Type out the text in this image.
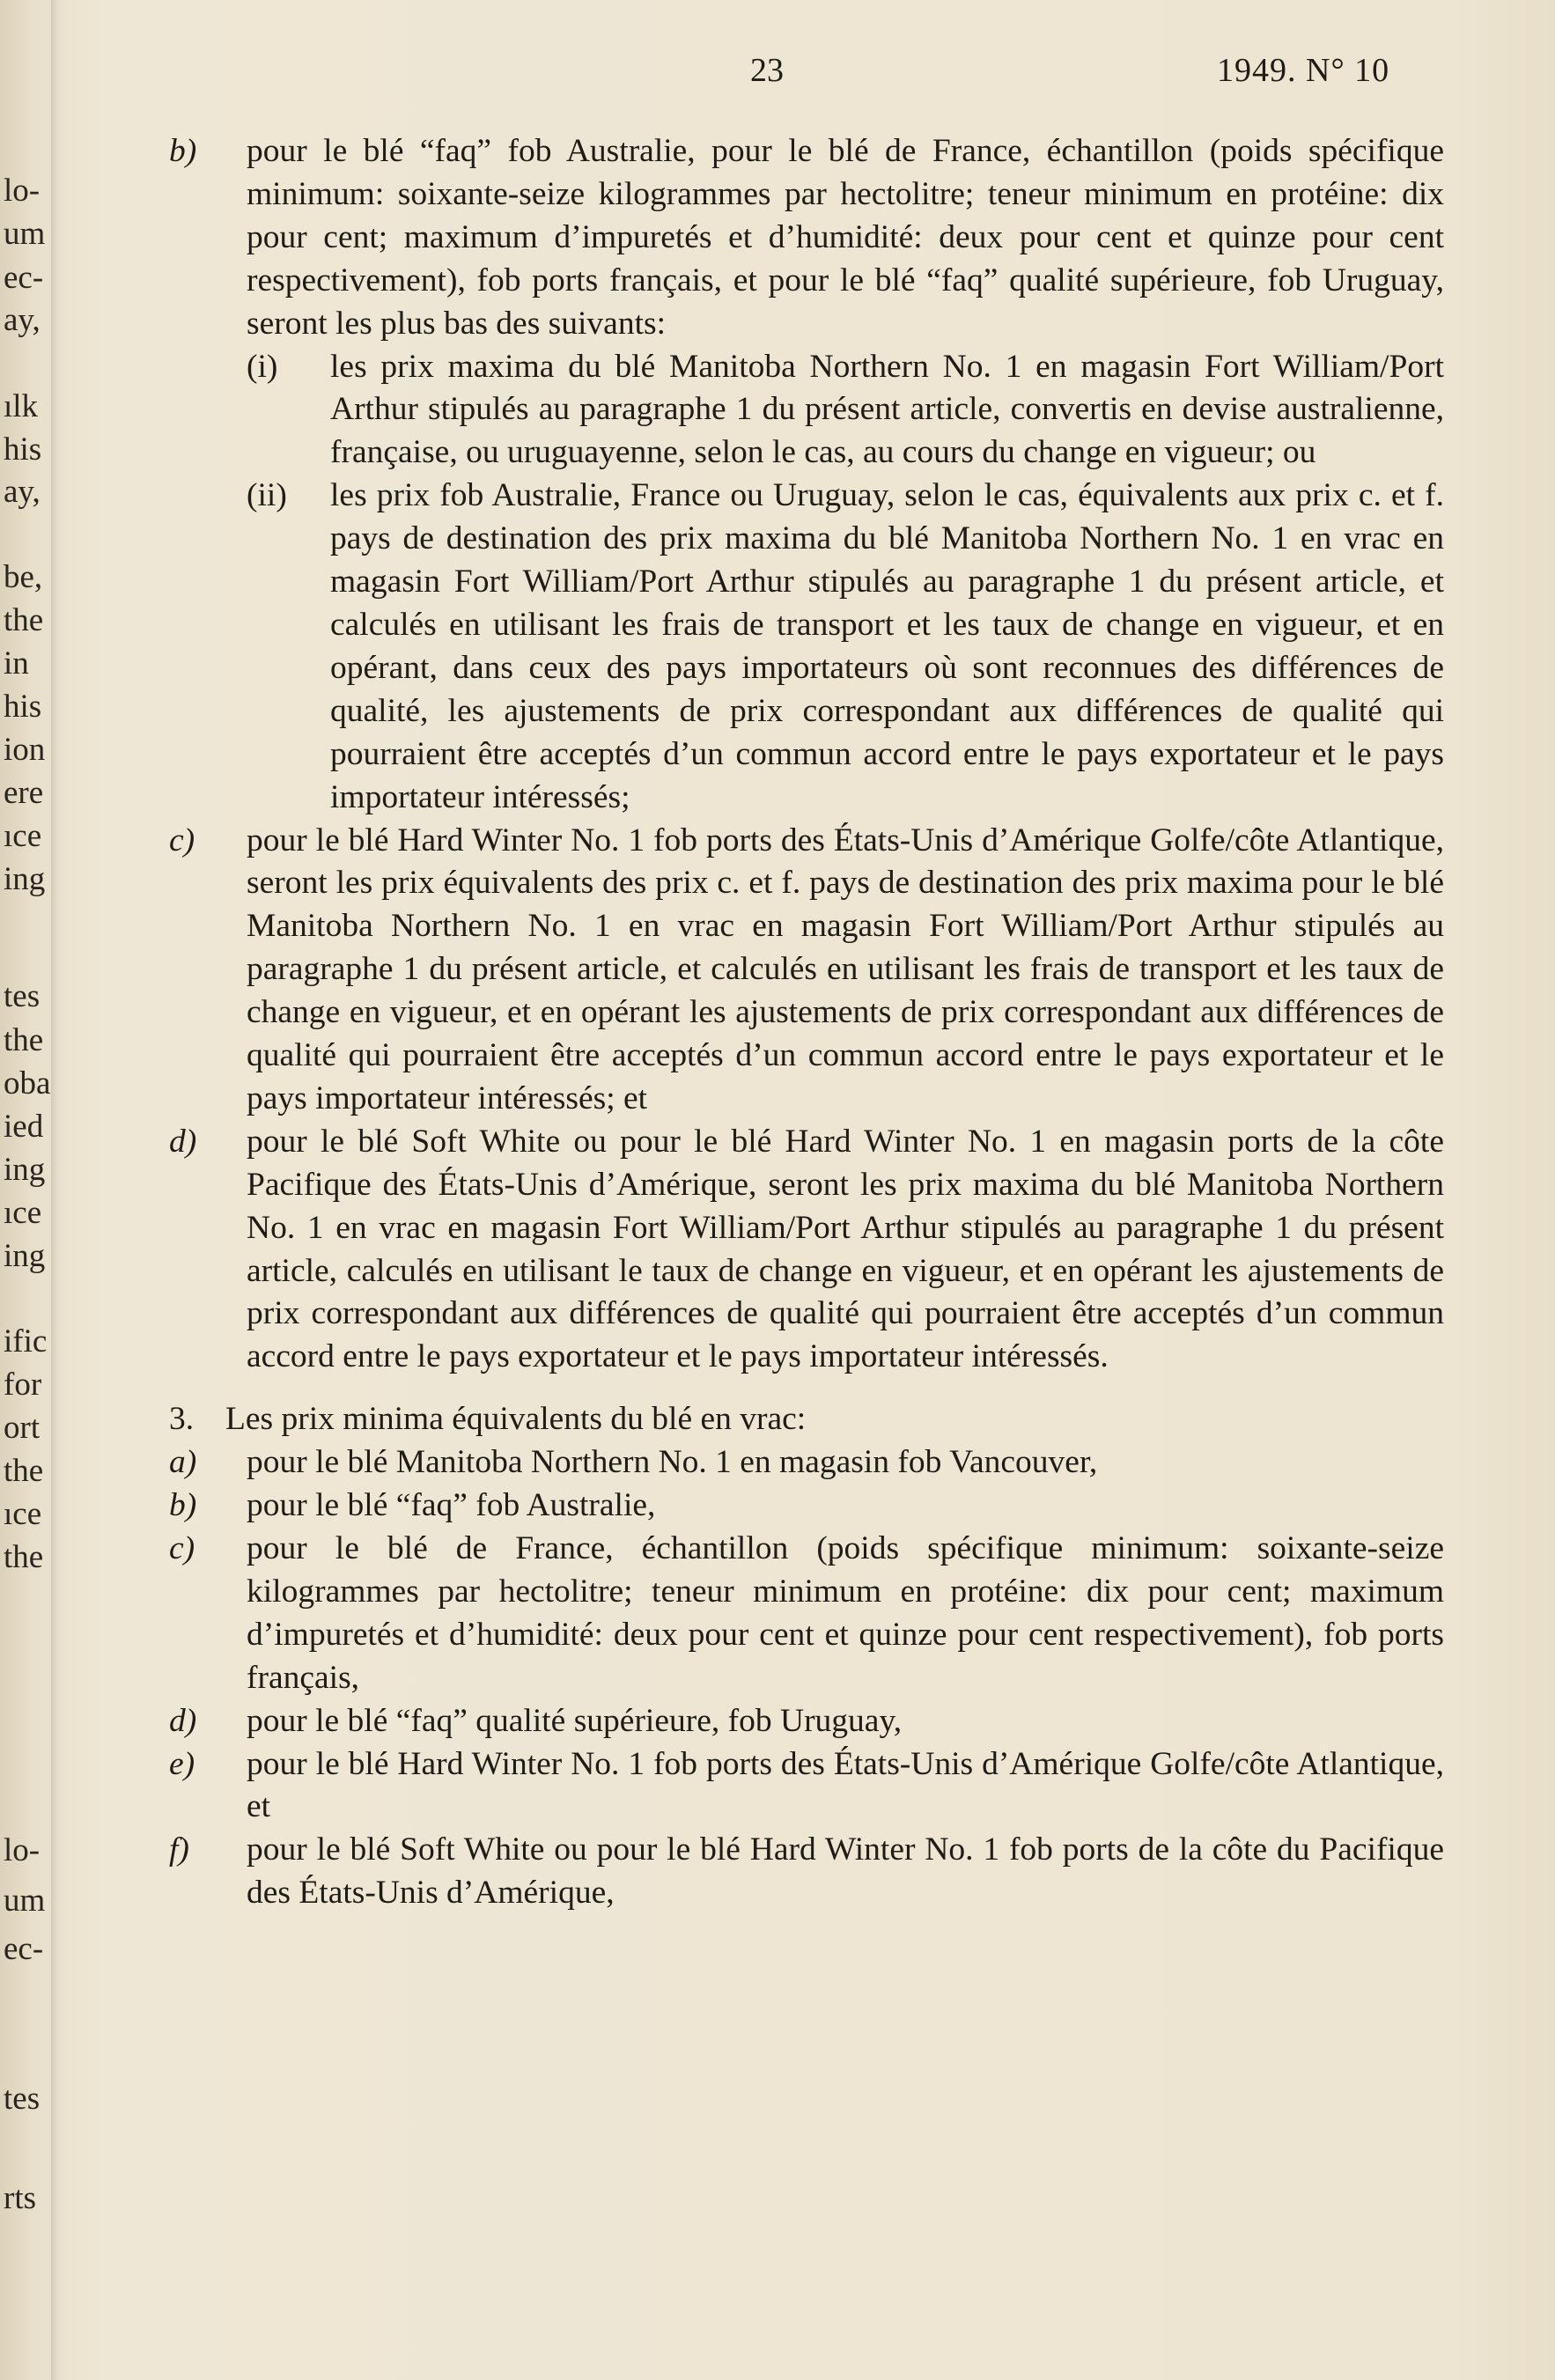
lo-
um
ec-
ay,
ılk
his
ay,
be,
the
in
his
ion
ere
ıce
ing
tes
the
oba
ied
ing
ıce
ing
ific
for
ort
the
ıce
the
lo-
um
ec-
tes
rts
23	1949. N° 10
b) pour le blé “faq” fob Australie, pour le blé de France, échantillon (poids spécifique minimum: soixante-seize kilogrammes par hectolitre; teneur minimum en protéine: dix pour cent; maximum d’impuretés et d’humidité: deux pour cent et quinze pour cent respectivement), fob ports français, et pour le blé “faq” qualité supérieure, fob Uruguay, seront les plus bas des suivants:
(i) les prix maxima du blé Manitoba Northern No. 1 en magasin Fort William/Port Arthur stipulés au paragraphe 1 du présent article, convertis en devise australienne, française, ou uruguayenne, selon le cas, au cours du change en vigueur; ou
(ii) les prix fob Australie, France ou Uruguay, selon le cas, équivalents aux prix c. et f. pays de destination des prix maxima du blé Manitoba Northern No. 1 en vrac en magasin Fort William/Port Arthur stipulés au paragraphe 1 du présent article, et calculés en utilisant les frais de transport et les taux de change en vigueur, et en opérant, dans ceux des pays importateurs où sont reconnues des différences de qualité, les ajustements de prix correspondant aux différences de qualité qui pourraient être acceptés d’un commun accord entre le pays exportateur et le pays importateur intéressés;
c) pour le blé Hard Winter No. 1 fob ports des États-Unis d’Amérique Golfe/côte Atlantique, seront les prix équivalents des prix c. et f. pays de destination des prix maxima pour le blé Manitoba Northern No. 1 en vrac en magasin Fort William/Port Arthur stipulés au paragraphe 1 du présent article, et calculés en utilisant les frais de transport et les taux de change en vigueur, et en opérant les ajustements de prix correspondant aux différences de qualité qui pourraient être acceptés d’un commun accord entre le pays exportateur et le pays importateur intéressés; et
d) pour le blé Soft White ou pour le blé Hard Winter No. 1 en magasin ports de la côte Pacifique des États-Unis d’Amérique, seront les prix maxima du blé Manitoba Northern No. 1 en vrac en magasin Fort William/Port Arthur stipulés au paragraphe 1 du présent article, calculés en utilisant le taux de change en vigueur, et en opérant les ajustements de prix correspondant aux différences de qualité qui pourraient être acceptés d’un commun accord entre le pays exportateur et le pays importateur intéressés.
3. Les prix minima équivalents du blé en vrac:
a) pour le blé Manitoba Northern No. 1 en magasin fob Vancouver,
b) pour le blé “faq” fob Australie,
c) pour le blé de France, échantillon (poids spécifique minimum: soixante-seize kilogrammes par hectolitre; teneur minimum en protéine: dix pour cent; maximum d’impuretés et d’humidité: deux pour cent et quinze pour cent respectivement), fob ports français,
d) pour le blé “faq” qualité supérieure, fob Uruguay,
e) pour le blé Hard Winter No. 1 fob ports des États-Unis d’Amérique Golfe/côte Atlantique, et
f) pour le blé Soft White ou pour le blé Hard Winter No. 1 fob ports de la côte du Pacifique des États-Unis d’Amérique,
